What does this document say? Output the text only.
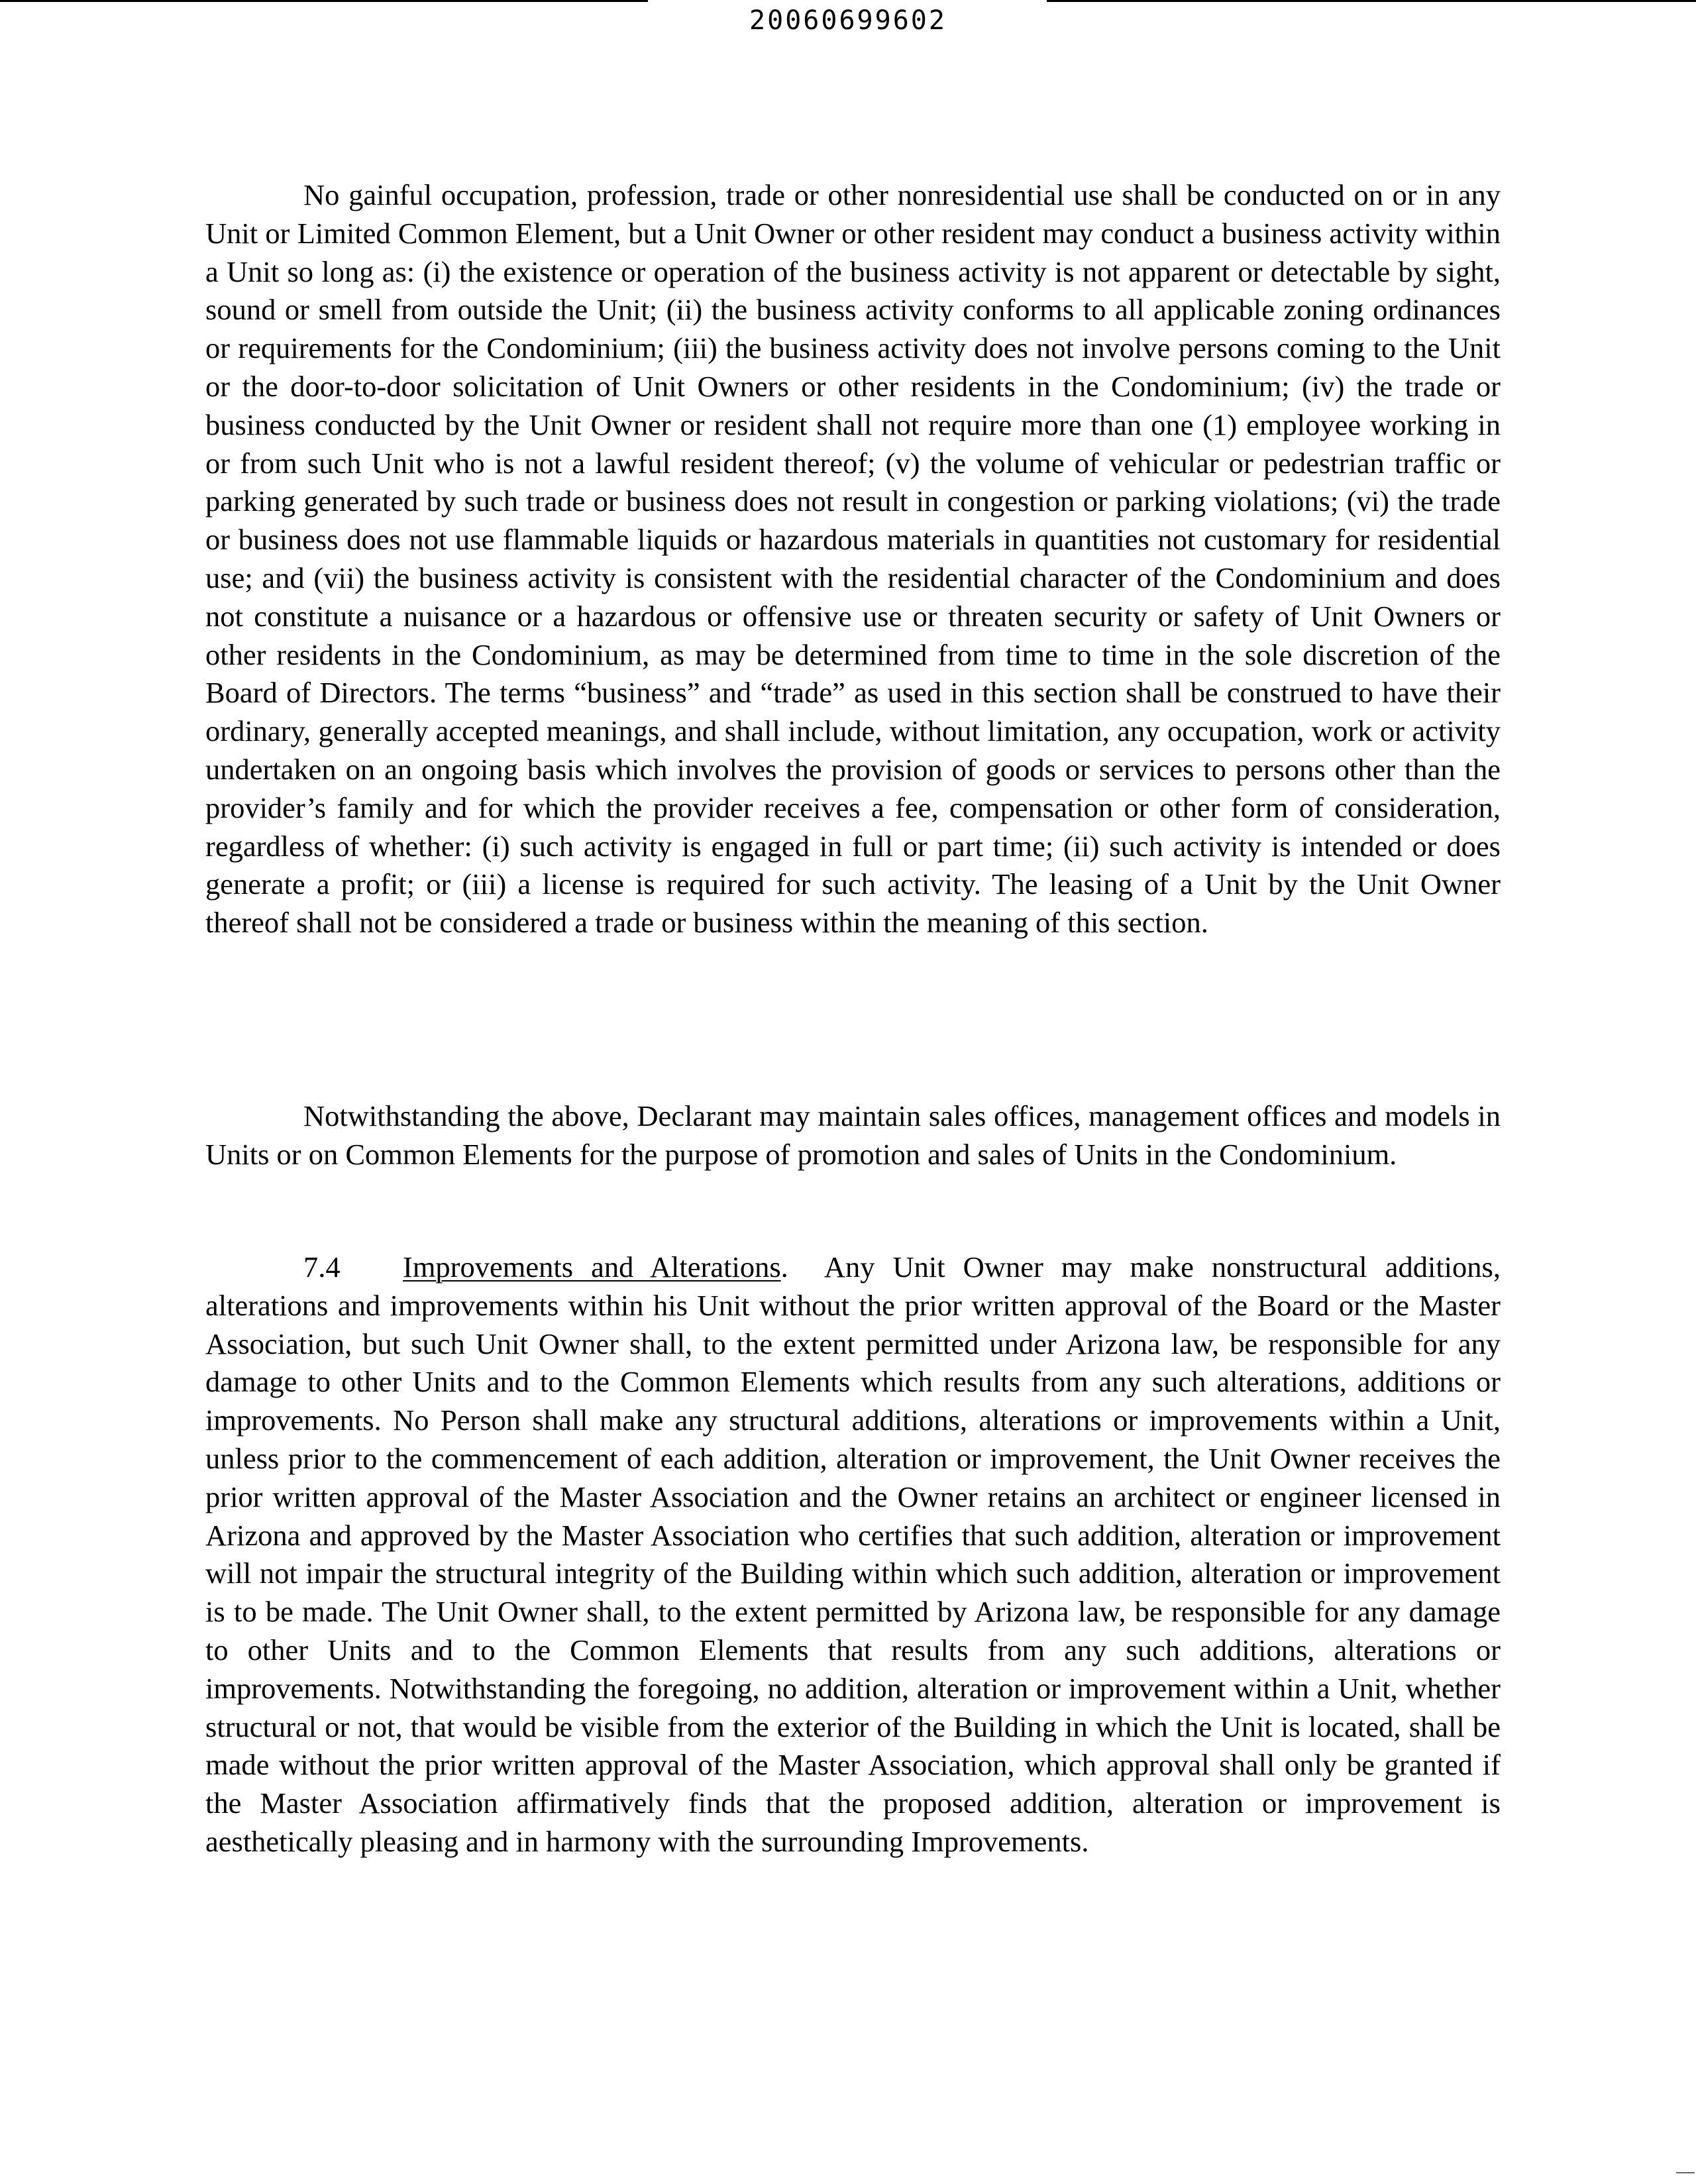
20060699602

No gainful occupation, profession, trade or other nonresidential use shall be conducted on or in any Unit or Limited Common Element, but a Unit Owner or other resident may conduct a business activity within a Unit so long as: (i) the existence or operation of the business activity is not apparent or detectable by sight, sound or smell from outside the Unit; (ii) the business activity conforms to all applicable zoning ordinances or requirements for the Condominium; (iii) the business activity does not involve persons coming to the Unit or the door-to-door solicitation of Unit Owners or other residents in the Condominium; (iv) the trade or business conducted by the Unit Owner or resident shall not require more than one (1) employee working in or from such Unit who is not a lawful resident thereof; (v) the volume of vehicular or pedestrian traffic or parking generated by such trade or business does not result in congestion or parking violations; (vi) the trade or business does not use flammable liquids or hazardous materials in quantities not customary for residential use; and (vii) the business activity is consistent with the residential character of the Condominium and does not constitute a nuisance or a hazardous or offensive use or threaten security or safety of Unit Owners or other residents in the Condominium, as may be determined from time to time in the sole discretion of the Board of Directors. The terms “business” and “trade” as used in this section shall be construed to have their ordinary, generally accepted meanings, and shall include, without limitation, any occupation, work or activity undertaken on an ongoing basis which involves the provision of goods or services to persons other than the provider’s family and for which the provider receives a fee, compensation or other form of consideration, regardless of whether: (i) such activity is engaged in full or part time; (ii) such activity is intended or does generate a profit; or (iii) a license is required for such activity. The leasing of a Unit by the Unit Owner thereof shall not be considered a trade or business within the meaning of this section.

Notwithstanding the above, Declarant may maintain sales offices, management offices and models in Units or on Common Elements for the purpose of promotion and sales of Units in the Condominium.

7.4 Improvements and Alterations. Any Unit Owner may make nonstructural additions, alterations and improvements within his Unit without the prior written approval of the Board or the Master Association, but such Unit Owner shall, to the extent permitted under Arizona law, be responsible for any damage to other Units and to the Common Elements which results from any such alterations, additions or improvements. No Person shall make any structural additions, alterations or improvements within a Unit, unless prior to the commencement of each addition, alteration or improvement, the Unit Owner receives the prior written approval of the Master Association and the Owner retains an architect or engineer licensed in Arizona and approved by the Master Association who certifies that such addition, alteration or improvement will not impair the structural integrity of the Building within which such addition, alteration or improvement is to be made. The Unit Owner shall, to the extent permitted by Arizona law, be responsible for any damage to other Units and to the Common Elements that results from any such additions, alterations or improvements. Notwithstanding the foregoing, no addition, alteration or improvement within a Unit, whether structural or not, that would be visible from the exterior of the Building in which the Unit is located, shall be made without the prior written approval of the Master Association, which approval shall only be granted if the Master Association affirmatively finds that the proposed addition, alteration or improvement is aesthetically pleasing and in harmony with the surrounding Improvements.
